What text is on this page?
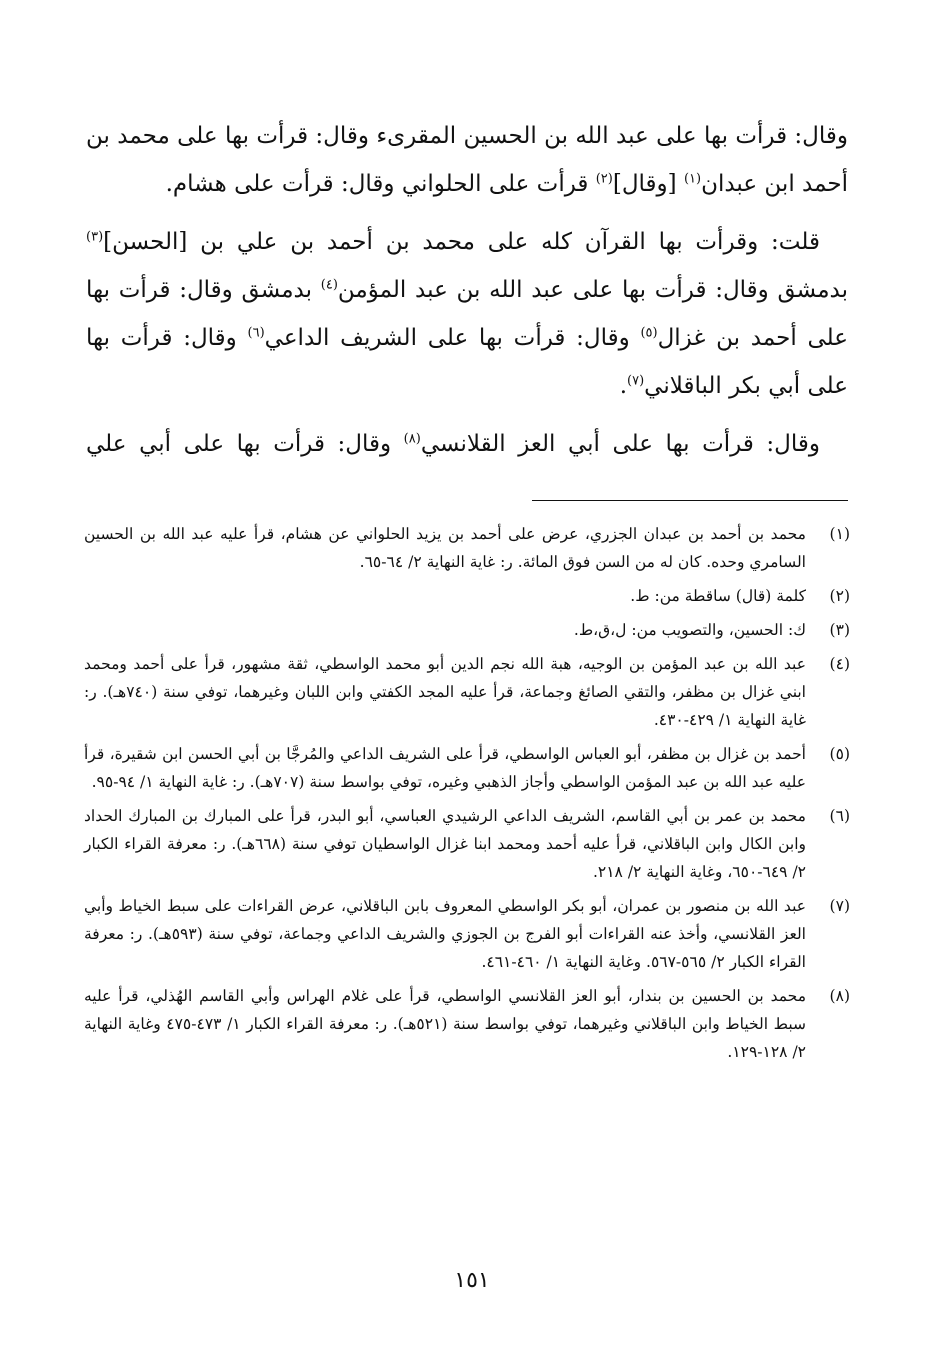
وقال: قرأت بها على عبد الله بن الحسين المقرىء وقال: قرأت بها على محمد بن أحمد ابن عبدان$^{(١)}$ [وقال]$^{(٢)}$ قرأت على الحلواني وقال: قرأت على هشام.

قلت: وقرأت بها القرآن كله على محمد بن أحمد بن علي بن [الحسن]$^{(٣)}$ بدمشق وقال: قرأت بها على عبد الله بن عبد المؤمن$^{(٤)}$ بدمشق وقال: قرأت بها على أحمد بن غزال$^{(٥)}$ وقال: قرأت بها على الشريف الداعي$^{(٦)}$ وقال: قرأت بها على أبي بكر الباقلاني$^{(٧)}$.

وقال: قرأت بها على أبي العز القلانسي$^{(٨)}$ وقال: قرأت بها على أبي علي

(١)
محمد بن أحمد بن عبدان الجزري، عرض على أحمد بن يزيد الحلواني عن هشام، قرأ عليه عبد الله بن الحسين السامري وحده. كان له من السن فوق المائة. ر: غاية النهاية ٢/ ٦٤-٦٥.
(٢)
كلمة (قال) ساقطة من: ط.
(٣)
ك: الحسين، والتصويب من: ل،ق،ط.
(٤)
عبد الله بن عبد المؤمن بن الوجيه، هبة الله نجم الدين أبو محمد الواسطي، ثقة مشهور، قرأ على أحمد ومحمد ابني غزال بن مظفر، والتقي الصائغ وجماعة، قرأ عليه المجد الكفتي وابن اللبان وغيرهما، توفي سنة (٧٤٠هـ). ر: غاية النهاية ١/ ٤٢٩-٤٣٠.
(٥)
أحمد بن غزال بن مظفر، أبو العباس الواسطي، قرأ على الشريف الداعي والمُرجَّا بن أبي الحسن ابن شقيرة، قرأ عليه عبد الله بن عبد المؤمن الواسطي وأجاز الذهبي وغيره، توفي بواسط سنة (٧٠٧هـ). ر: غاية النهاية ١/ ٩٤-٩٥.
(٦)
محمد بن عمر بن أبي القاسم، الشريف الداعي الرشيدي العباسي، أبو البدر، قرأ على المبارك بن المبارك الحداد وابن الكال وابن الباقلاني، قرأ عليه أحمد ومحمد ابنا غزال الواسطيان توفي سنة (٦٦٨هـ). ر: معرفة القراء الكبار ٢/ ٦٤٩-٦٥٠، وغاية النهاية ٢/ ٢١٨.
(٧)
عبد الله بن منصور بن عمران، أبو بكر الواسطي المعروف بابن الباقلاني، عرض القراءات على سبط الخياط وأبي العز القلانسي، وأخذ عنه القراءات أبو الفرج بن الجوزي والشريف الداعي وجماعة، توفي سنة (٥٩٣هـ). ر: معرفة القراء الكبار ٢/ ٥٦٥-٥٦٧. وغاية النهاية ١/ ٤٦٠-٤٦١.
(٨)
محمد بن الحسين بن بندار، أبو العز القلانسي الواسطي، قرأ على غلام الهراس وأبي القاسم الهُذلي، قرأ عليه سبط الخياط وابن الباقلاني وغيرهما، توفي بواسط سنة (٥٢١هـ). ر: معرفة القراء الكبار ١/ ٤٧٣-٤٧٥ وغاية النهاية ٢/ ١٢٨-١٢٩.
١٥١
